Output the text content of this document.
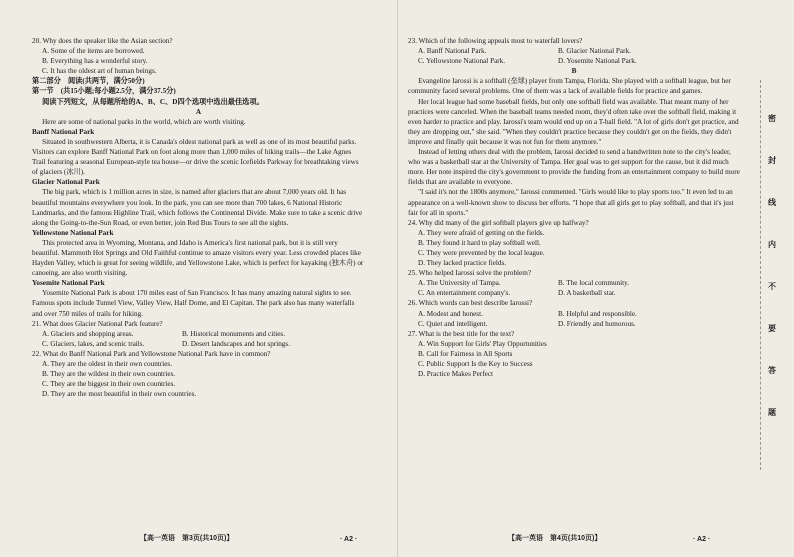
20. Why does the speaker like the Asian section?

A. Some of the items are borrowed.

B. Everything has a wonderful story.

C. It has the oldest art of human beings.

第二部分　阅读(共两节，满分50分)

第一节　(共15小题;每小题2.5分，满分37.5分)

阅读下列短文，从每题所给的A、B、C、D四个选项中选出最佳选项。

A

Here are some of national parks in the world, which are worth visiting.

Banff National Park

Situated in southwestern Alberta, it is Canada's oldest national park as well as one of its most beautiful parks. Visitors can explore Banff National Park on foot along more than 1,000 miles of hiking trails—the Lake Agnes Trail featuring a seasonal European-style tea house—or drive the scenic Icefields Parkway for breathtaking views of glaciers (冰川).

Glacier National Park

The big park, which is 1 million acres in size, is named after glaciers that are about 7,000 years old. It has beautiful mountains everywhere you look. In the park, you can see more than 700 lakes, 6 National Historic Landmarks, and the famous Highline Trail, which follows the Continental Divide. Make sure to take a scenic drive along the Going-to-the-Sun Road, or even better, join Red Bus Tours to see all the sights.

Yellowstone National Park

This protected area in Wyoming, Montana, and Idaho is America's first national park, but it is still very beautiful. Mammoth Hot Springs and Old Faithful continue to amaze visitors every year. Less crowded places like Hayden Valley, which is great for seeing wildlife, and Yellowstone Lake, which is perfect for kayaking (独木舟) or canoeing, are also worth visiting.

Yosemite National Park

Yosemite National Park is about 170 miles east of San Francisco. It has many amazing natural sights to see. Famous spots include Tunnel View, Valley View, Half Dome, and El Capitan. The park also has many waterfalls and over 750 miles of trails for hiking.

21. What does Glacier National Park feature?

A. Glaciers and shopping areas.	B. Historical monuments and cities.
C. Glaciers, lakes, and scenic trails.	D. Desert landscapes and hot springs.

22. What do Banff National Park and Yellowstone National Park have in common?

A. They are the oldest in their own countries.

B. They are the wildest in their own countries.

C. They are the biggest in their own countries.

D. They are the most beautiful in their own countries.

【高一英语　第3页(共10页)】	· A2 ·

23. Which of the following appeals most to waterfall lovers?

A. Banff National Park.	B. Glacier National Park.
C. Yellowstone National Park.	D. Yosemite National Park.

B

Evangeline Iarossi is a softball (垒球) player from Tampa, Florida. She played with a softball league, but her community faced several problems. One of them was a lack of available fields for practice and games.

Her local league had some baseball fields, but only one softball field was available. That meant many of her practices were canceled. When the baseball teams needed room, they'd often take over the softball field, making it even harder to practice and play. Iarossi's team would end up on a T-ball field. "A lot of girls don't get practice, and they are dropping out," she said. "When they couldn't practice because they couldn't get on the fields, they didn't improve and finally quit because it was not fun for them anymore."

Instead of letting others deal with the problem, Iarossi decided to send a handwritten note to the city's leader, who was a basketball star at the University of Tampa. Her goal was to get support for the cause, but it did much more. Her note inspired the city's government to provide the funding from an entertainment company to build more fields that are available to everyone.

"I said it's not the 1800s anymore," Iarossi commented. "Girls would like to play sports too." It even led to an appearance on a well-known show to discuss her efforts. "I hope that all girls get to play softball, and that it's just fair for all in sports."

24. Why did many of the girl softball players give up halfway?

A. They were afraid of getting on the fields.

B. They found it hard to play softball well.

C. They were prevented by the local league.

D. They lacked practice fields.

25. Who helped Iarossi solve the problem?

A. The University of Tampa.	B. The local community.
C. An entertainment company's.	D. A basketball star.

26. Which words can best describe Iarossi?

A. Modest and honest.	B. Helpful and responsible.
C. Quiet and intelligent.	D. Friendly and humorous.

27. What is the best title for the text?

A. Win Support for Girls' Play Opportunities

B. Call for Fairness in All Sports

C. Public Support Is the Key to Success

D. Practice Makes Perfect

密
封
线
内
不
要
答
题
【高一英语　第4页(共10页)】	· A2 ·
